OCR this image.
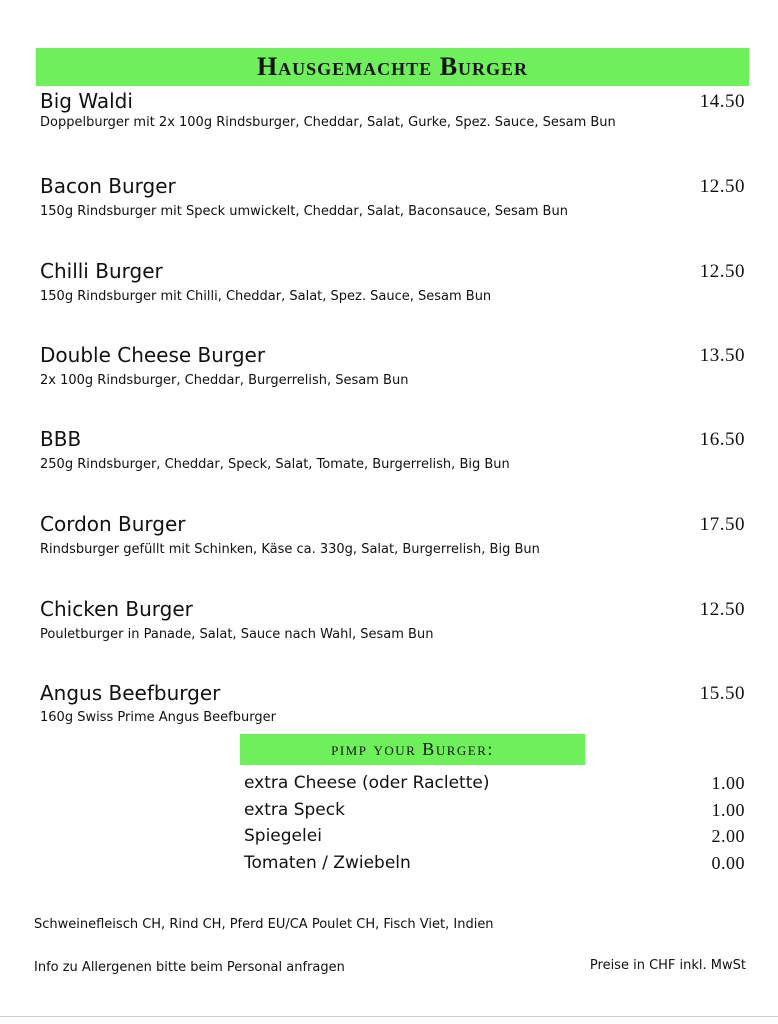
Hausgemachte Burger
Big Waldi	14.50
Doppelburger mit 2x 100g Rindsburger, Cheddar, Salat, Gurke, Spez. Sauce, Sesam Bun
Bacon Burger	12.50
150g Rindsburger mit Speck umwickelt, Cheddar, Salat, Baconsauce, Sesam Bun
Chilli Burger	12.50
150g Rindsburger mit Chilli, Cheddar, Salat, Spez. Sauce, Sesam Bun
Double Cheese Burger	13.50
2x 100g Rindsburger, Cheddar, Burgerrelish, Sesam Bun
BBB	16.50
250g Rindsburger, Cheddar, Speck, Salat, Tomate, Burgerrelish, Big Bun
Cordon Burger	17.50
Rindsburger gefüllt mit Schinken, Käse ca. 330g, Salat, Burgerrelish, Big Bun
Chicken Burger	12.50
Pouletburger in Panade, Salat, Sauce nach Wahl, Sesam Bun
Angus Beefburger	15.50
160g Swiss Prime Angus Beefburger
pimp your Burger:
extra Cheese (oder Raclette)	1.00
extra Speck	1.00
Spiegelei	2.00
Tomaten / Zwiebeln	0.00
Schweinefleisch CH, Rind CH, Pferd EU/CA Poulet CH, Fisch Viet, Indien
Info zu Allergenen bitte beim Personal anfragen	Preise in CHF inkl. MwSt
